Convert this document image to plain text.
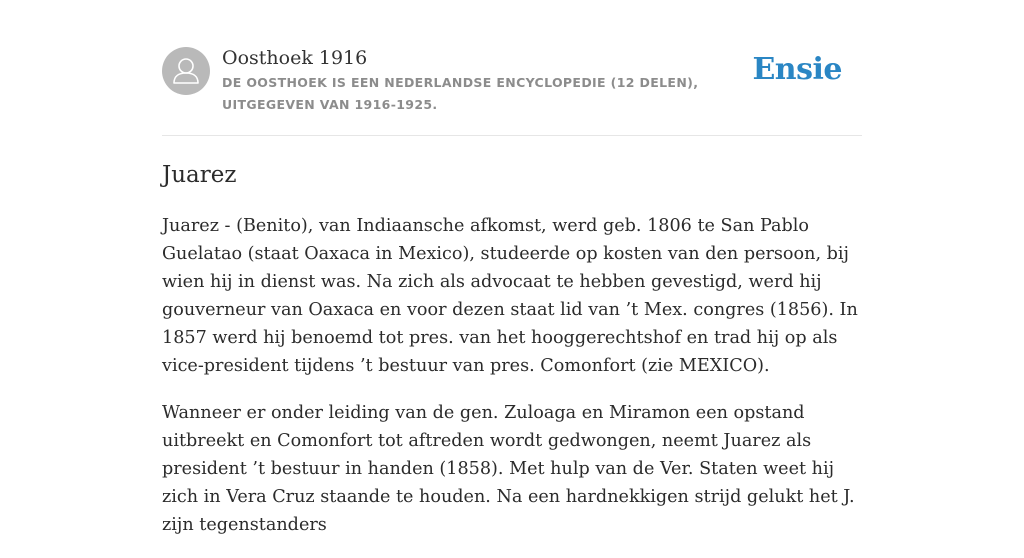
Oosthoek 1916
DE OOSTHOEK IS EEN NEDERLANDSE ENCYCLOPEDIE (12 DELEN), UITGEGEVEN VAN 1916-1925.
Ensie
Juarez

Juarez - (Benito), van Indiaansche afkomst, werd geb. 1806 te San Pablo Guelatao (staat Oaxaca in Mexico), studeerde op kosten van den persoon, bij wien hij in dienst was. Na zich als advocaat te hebben gevestigd, werd hij gouverneur van Oaxaca en voor dezen staat lid van ’t Mex. congres (1856). In 1857 werd hij benoemd tot pres. van het hooggerechtshof en trad hij op als vice-president tijdens ’t bestuur van pres. Comonfort (zie MEXICO).

Wanneer er onder leiding van de gen. Zuloaga en Miramon een opstand uitbreekt en Comonfort tot aftreden wordt gedwongen, neemt Juarez als president ’t bestuur in handen (1858). Met hulp van de Ver. Staten weet hij zich in Vera Cruz staande te houden. Na een hardnekkigen strijd gelukt het J. zijn tegenstanders
